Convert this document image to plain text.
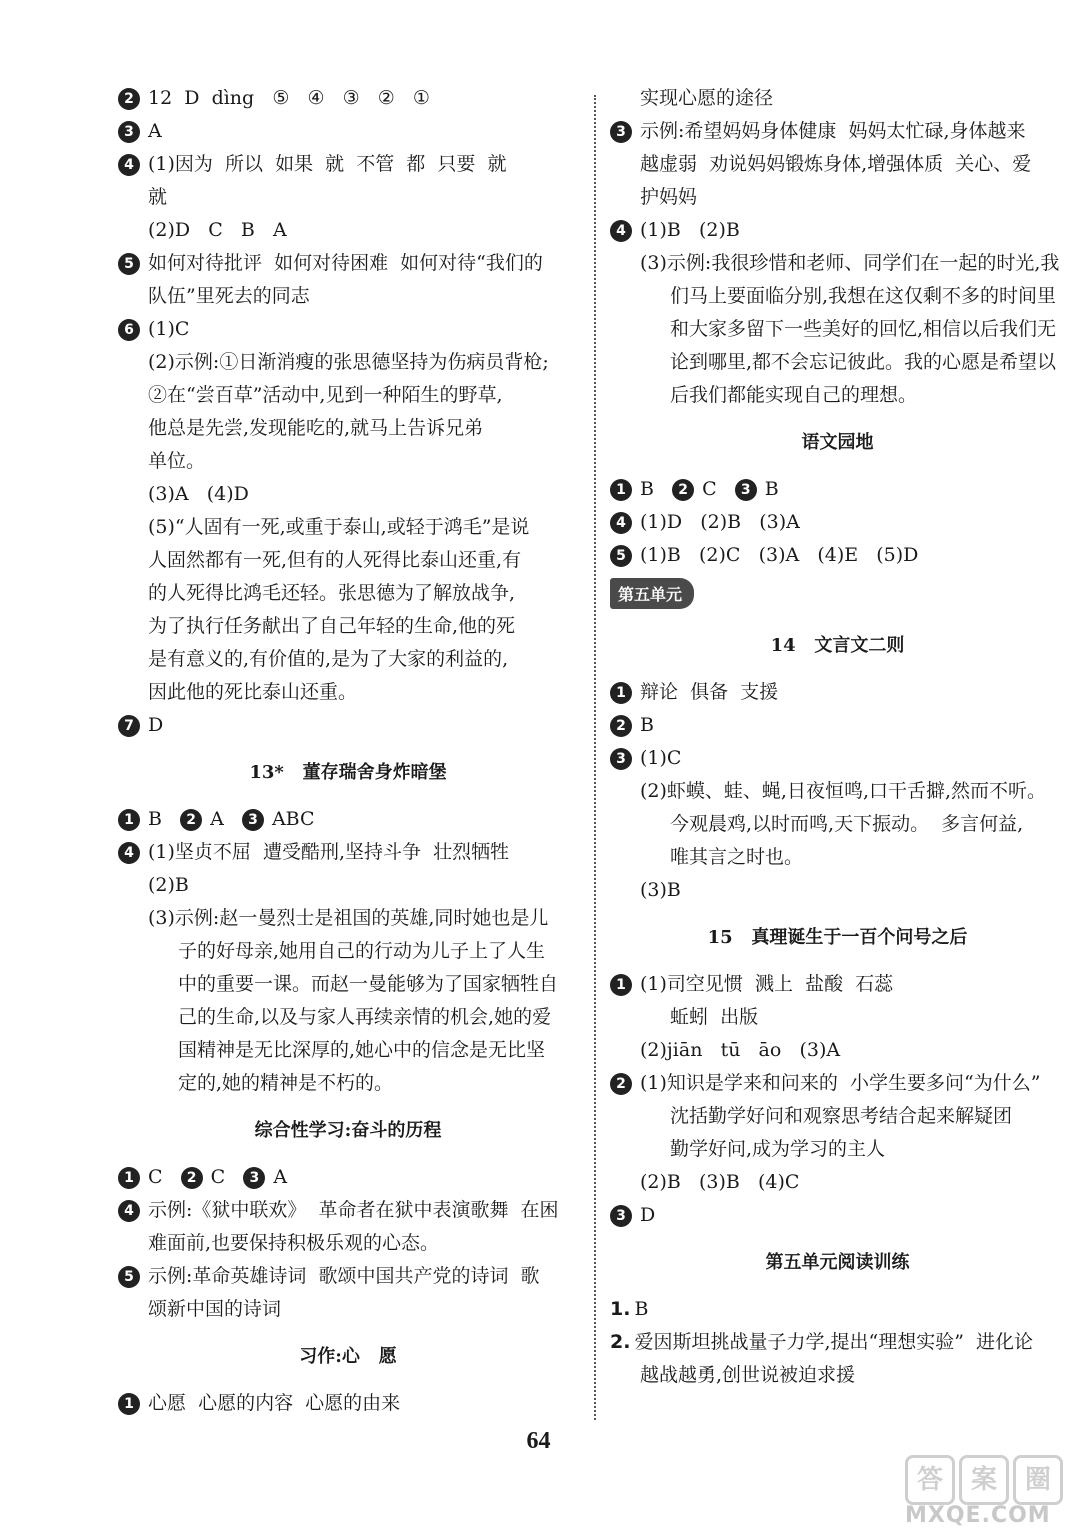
2 12  D  dìng   ⑤   ④   ③   ②   ①
3 A
4 (1)因为  所以  如果  就  不管  都  只要  就
就
(2)D   C   B   A
5 如何对待批评  如何对待困难  如何对待“我们的
队伍”里死去的同志
6 (1)C
(2)示例:①日渐消瘦的张思德坚持为伤病员背枪;
②在“尝百草”活动中,见到一种陌生的野草,
他总是先尝,发现能吃的,就马上告诉兄弟
单位。
(3)A   (4)D
(5)“人固有一死,或重于泰山,或轻于鸿毛”是说
人固然都有一死,但有的人死得比泰山还重,有
的人死得比鸿毛还轻。张思德为了解放战争,
为了执行任务献出了自己年轻的生命,他的死
是有意义的,有价值的,是为了大家的利益的,
因此他的死比泰山还重。
7 D
13*   董存瑞舍身炸暗堡
1 B   2 A   3 ABC
4 (1)坚贞不屈  遭受酷刑,坚持斗争  壮烈牺牲
(2)B
(3)示例:赵一曼烈士是祖国的英雄,同时她也是儿
子的好母亲,她用自己的行动为儿子上了人生
中的重要一课。而赵一曼能够为了国家牺牲自
己的生命,以及与家人再续亲情的机会,她的爱
国精神是无比深厚的,她心中的信念是无比坚
定的,她的精神是不朽的。
综合性学习:奋斗的历程
1 C   2 C   3 A
4 示例:《狱中联欢》  革命者在狱中表演歌舞  在困
难面前,也要保持积极乐观的心态。
5 示例:革命英雄诗词  歌颂中国共产党的诗词  歌
颂新中国的诗词
习作:心   愿
1 心愿  心愿的内容  心愿的由来
实现心愿的途径
3 示例:希望妈妈身体健康  妈妈太忙碌,身体越来
越虚弱  劝说妈妈锻炼身体,增强体质  关心、爱
护妈妈
4 (1)B   (2)B
(3)示例:我很珍惜和老师、同学们在一起的时光,我
们马上要面临分别,我想在这仅剩不多的时间里
和大家多留下一些美好的回忆,相信以后我们无
论到哪里,都不会忘记彼此。我的心愿是希望以
后我们都能实现自己的理想。
语文园地
1 B   2 C   3 B
4 (1)D   (2)B   (3)A
5 (1)B   (2)C   (3)A   (4)E   (5)D
第五单元
14   文言文二则
1 辩论  俱备  支援
2 B
3 (1)C
(2)虾蟆、蛙、蝇,日夜恒鸣,口干舌擗,然而不听。
今观晨鸡,以时而鸣,天下振动。  多言何益,
唯其言之时也。
(3)B
15   真理诞生于一百个问号之后
1 (1)司空见惯  溅上  盐酸  石蕊
蚯蚓  出版
(2)jiān   tū   āo   (3)A
2 (1)知识是学来和问来的  小学生要多问“为什么”
沈括勤学好问和观察思考结合起来解疑团
勤学好问,成为学习的主人
(2)B   (3)B   (4)C
3 D
第五单元阅读训练
1. B
2. 爱因斯坦挑战量子力学,提出“理想实验”  进化论
越战越勇,创世说被迫求援
64
答	案	圈
MXQE.COM
